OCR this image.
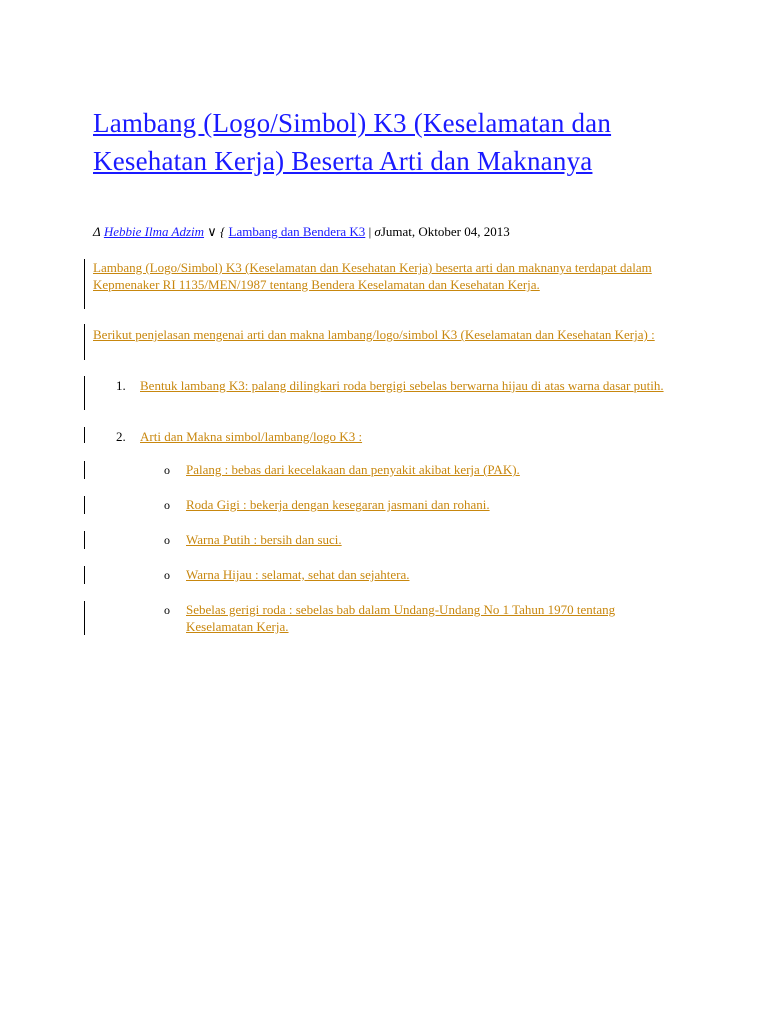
Lambang (Logo/Simbol) K3 (Keselamatan dan Kesehatan Kerja) Beserta Arti dan Maknanya
Δ Hebbie Ilma Adzim ∨ { Lambang dan Bendera K3 | σJumat, Oktober 04, 2013

Lambang (Logo/Simbol) K3 (Keselamatan dan Kesehatan Kerja) beserta arti dan maknanya terdapat dalam Kepmenaker RI 1135/MEN/1987 tentang Bendera Keselamatan dan Kesehatan Kerja.

Berikut penjelasan mengenai arti dan makna lambang/logo/simbol K3 (Keselamatan dan Kesehatan Kerja) :

1. Bentuk lambang K3: palang dilingkari roda bergigi sebelas berwarna hijau di atas warna dasar putih.

2. Arti dan Makna simbol/lambang/logo K3 :

o Palang : bebas dari kecelakaan dan penyakit akibat kerja (PAK).

o Roda Gigi : bekerja dengan kesegaran jasmani dan rohani.

o Warna Putih : bersih dan suci.

o Warna Hijau : selamat, sehat dan sejahtera.

o Sebelas gerigi roda : sebelas bab dalam Undang-Undang No 1 Tahun 1970 tentang Keselamatan Kerja.
